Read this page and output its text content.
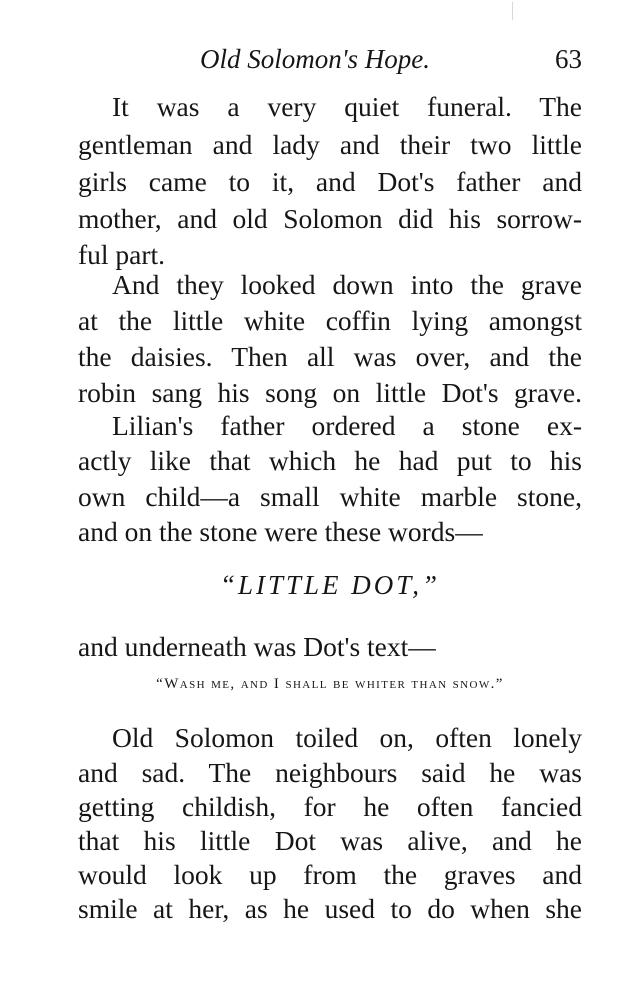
Old Solomon's Hope.	63
It was a very quiet funeral. The
gentleman and lady and their two little
girls came to it, and Dot's father and
mother, and old Solomon did his sorrow-
ful part.
And they looked down into the grave
at the little white coffin lying amongst
the daisies. Then all was over, and the
robin sang his song on little Dot's grave.
Lilian's father ordered a stone ex-
actly like that which he had put to his
own child—a small white marble stone,
and on the stone were these words—
“LITTLE DOT,”
and underneath was Dot's text—
“Wash me, and I shall be whiter than snow.”
Old Solomon toiled on, often lonely
and sad. The neighbours said he was
getting childish, for he often fancied
that his little Dot was alive, and he
would look up from the graves and
smile at her, as he used to do when she
